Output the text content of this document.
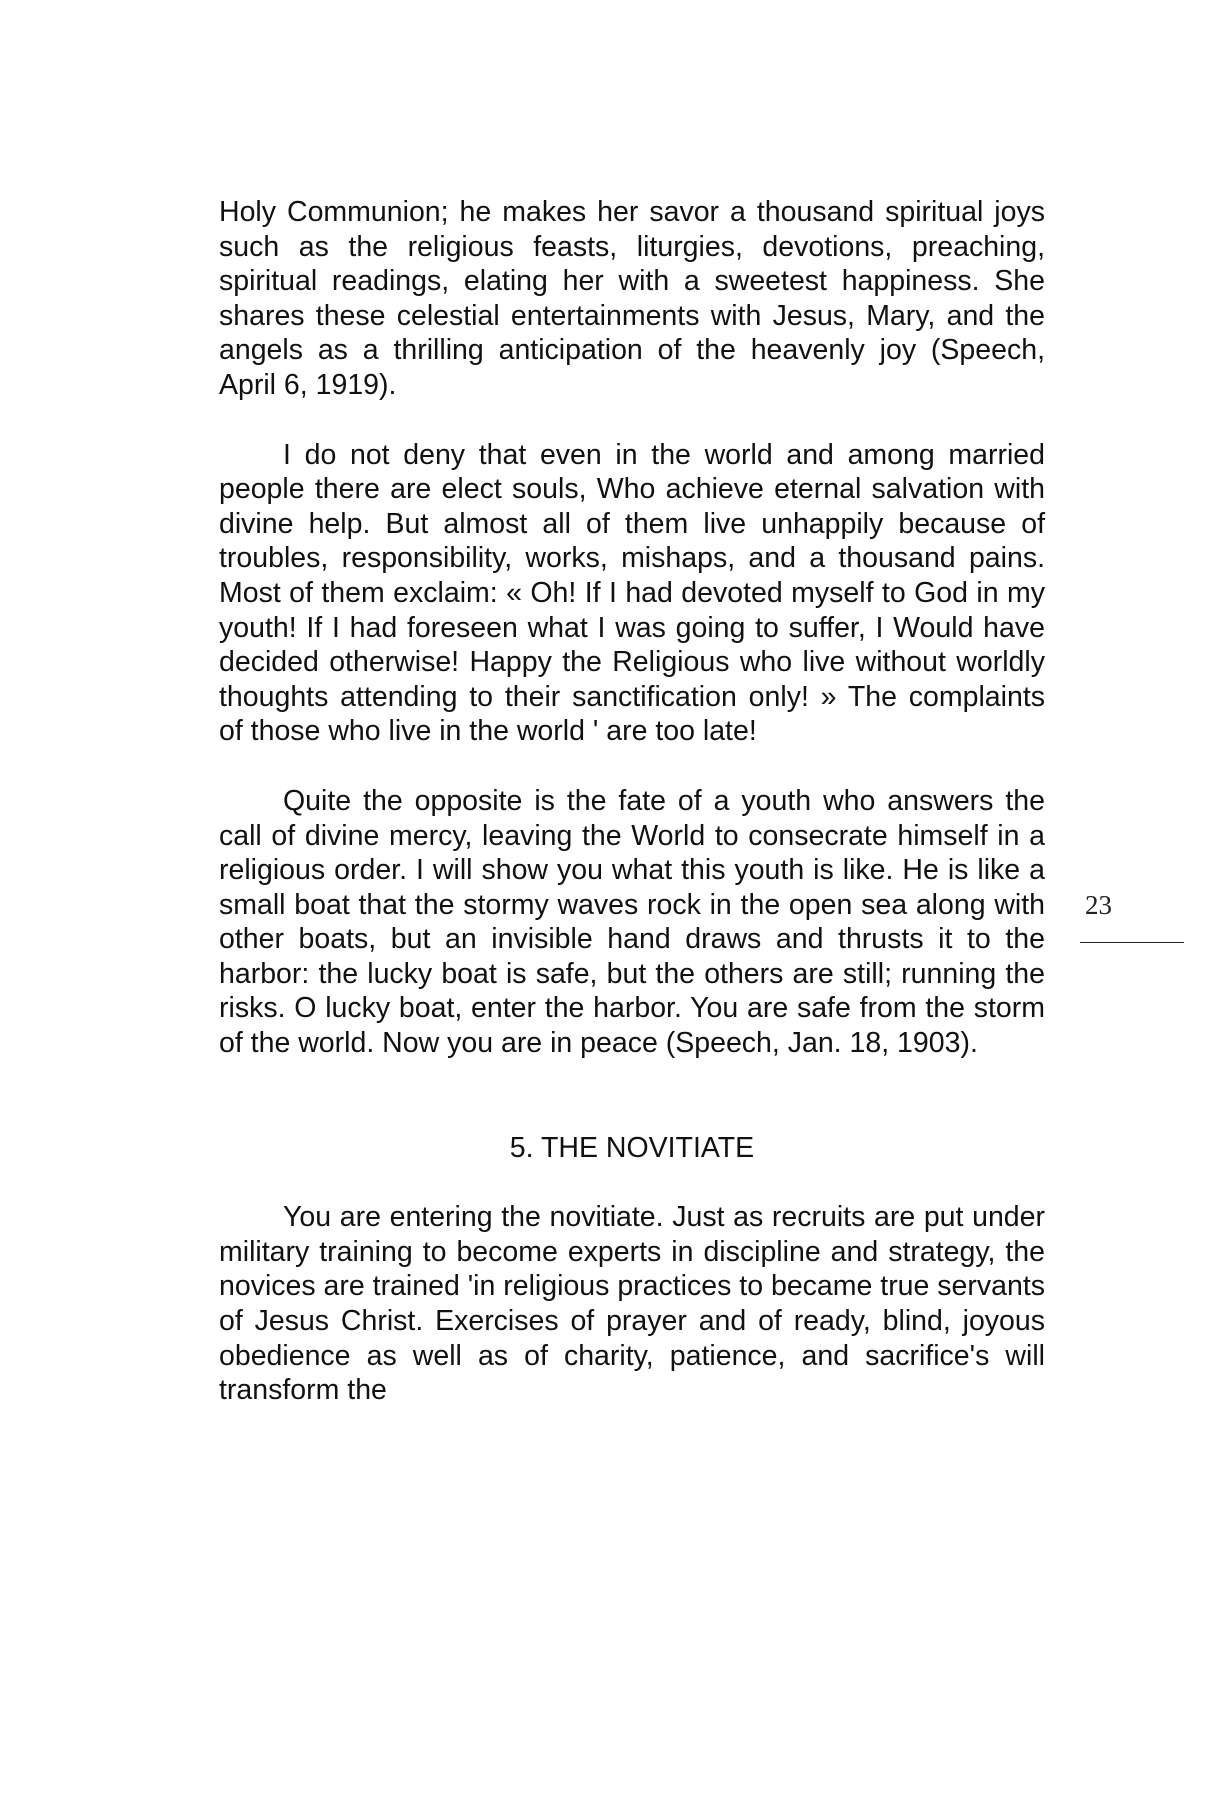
Holy Communion; he makes her savor a thousand spiritual joys such as the religious feasts, liturgies, devotions, preaching, spiritual readings, elating her with a sweetest happiness. She shares these celestial entertainments with Jesus, Mary, and the angels as a thrilling anticipation of the heavenly joy (Speech, April 6, 1919).

I do not deny that even in the world and among married people there are elect souls, Who achieve eternal salvation with divine help. But almost all of them live unhappily because of troubles, responsibility, works, mishaps, and a thousand pains. Most of them exclaim: « Oh! If I had devoted myself to God in my youth! If I had foreseen what I was going to suffer, I Would have decided otherwise! Happy the Religious who live without worldly thoughts attending to their sanctification only! » The complaints of those who live in the world ' are too late!

Quite the opposite is the fate of a youth who answers the call of divine mercy, leaving the World to consecrate himself in a religious order. I will show you what this youth is like. He is like a small boat that the stormy waves rock in the open sea along with other boats, but an invisible hand draws and thrusts it to the harbor: the lucky boat is safe, but the others are still; running the risks. O lucky boat, enter the harbor. You are safe from the storm of the world. Now you are in peace (Speech, Jan. 18, 1903).

5. THE NOVITIATE

You are entering the novitiate. Just as recruits are put under military training to become experts in discipline and strategy, the novices are trained 'in religious practices to became true servants of Jesus Christ. Exercises of prayer and of ready, blind, joyous obedience as well as of charity, patience, and sacrifice's will transform the

23
